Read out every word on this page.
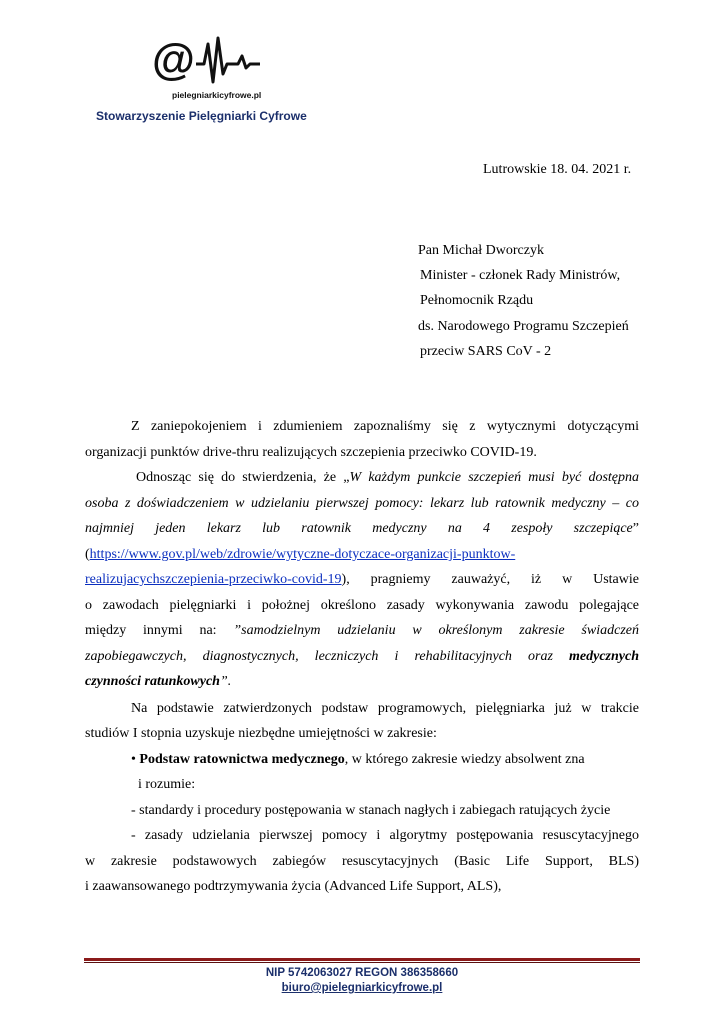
@
pielegniarkicyfrowe.pl
Stowarzyszenie Pielęgniarki Cyfrowe
Lutrowskie 18. 04. 2021 r.
Pan Michał Dworczyk
Minister - członek Rady Ministrów,
Pełnomocnik Rządu
ds. Narodowego Programu Szczepień
przeciw SARS CoV - 2
Z zaniepokojeniem i zdumieniem zapoznaliśmy się z wytycznymi dotyczącymi
organizacji punktów drive-thru realizujących szczepienia przeciwko COVID-19.
Odnosząc się do stwierdzenia, że „W każdym punkcie szczepień musi być dostępna
osoba z doświadczeniem w udzielaniu pierwszej pomocy: lekarz lub ratownik medyczny – co
najmniej jeden lekarz lub ratownik medyczny na 4 zespoły szczepiące”
(https://www.gov.pl/web/zdrowie/wytyczne-dotyczace-organizacji-punktow-
realizujacychszczepienia-przeciwko-covid-19), pragniemy zauważyć, iż w Ustawie
o zawodach pielęgniarki i położnej określono zasady wykonywania zawodu polegające
między innymi na: ”samodzielnym udzielaniu w określonym zakresie świadczeń
zapobiegawczych, diagnostycznych, leczniczych i rehabilitacyjnych oraz medycznych
czynności ratunkowych”.
Na podstawie zatwierdzonych podstaw programowych, pielęgniarka już w trakcie
studiów I stopnia uzyskuje niezbędne umiejętności w zakresie:
• Podstaw ratownictwa medycznego, w którego zakresie wiedzy absolwent zna
i rozumie:
- standardy i procedury postępowania w stanach nagłych i zabiegach ratujących życie
- zasady udzielania pierwszej pomocy i algorytmy postępowania resuscytacyjnego
w zakresie podstawowych zabiegów resuscytacyjnych (Basic Life Support, BLS)
i zaawansowanego podtrzymywania życia (Advanced Life Support, ALS),
NIP 5742063027 REGON 386358660
biuro@pielegniarkicyfrowe.pl
